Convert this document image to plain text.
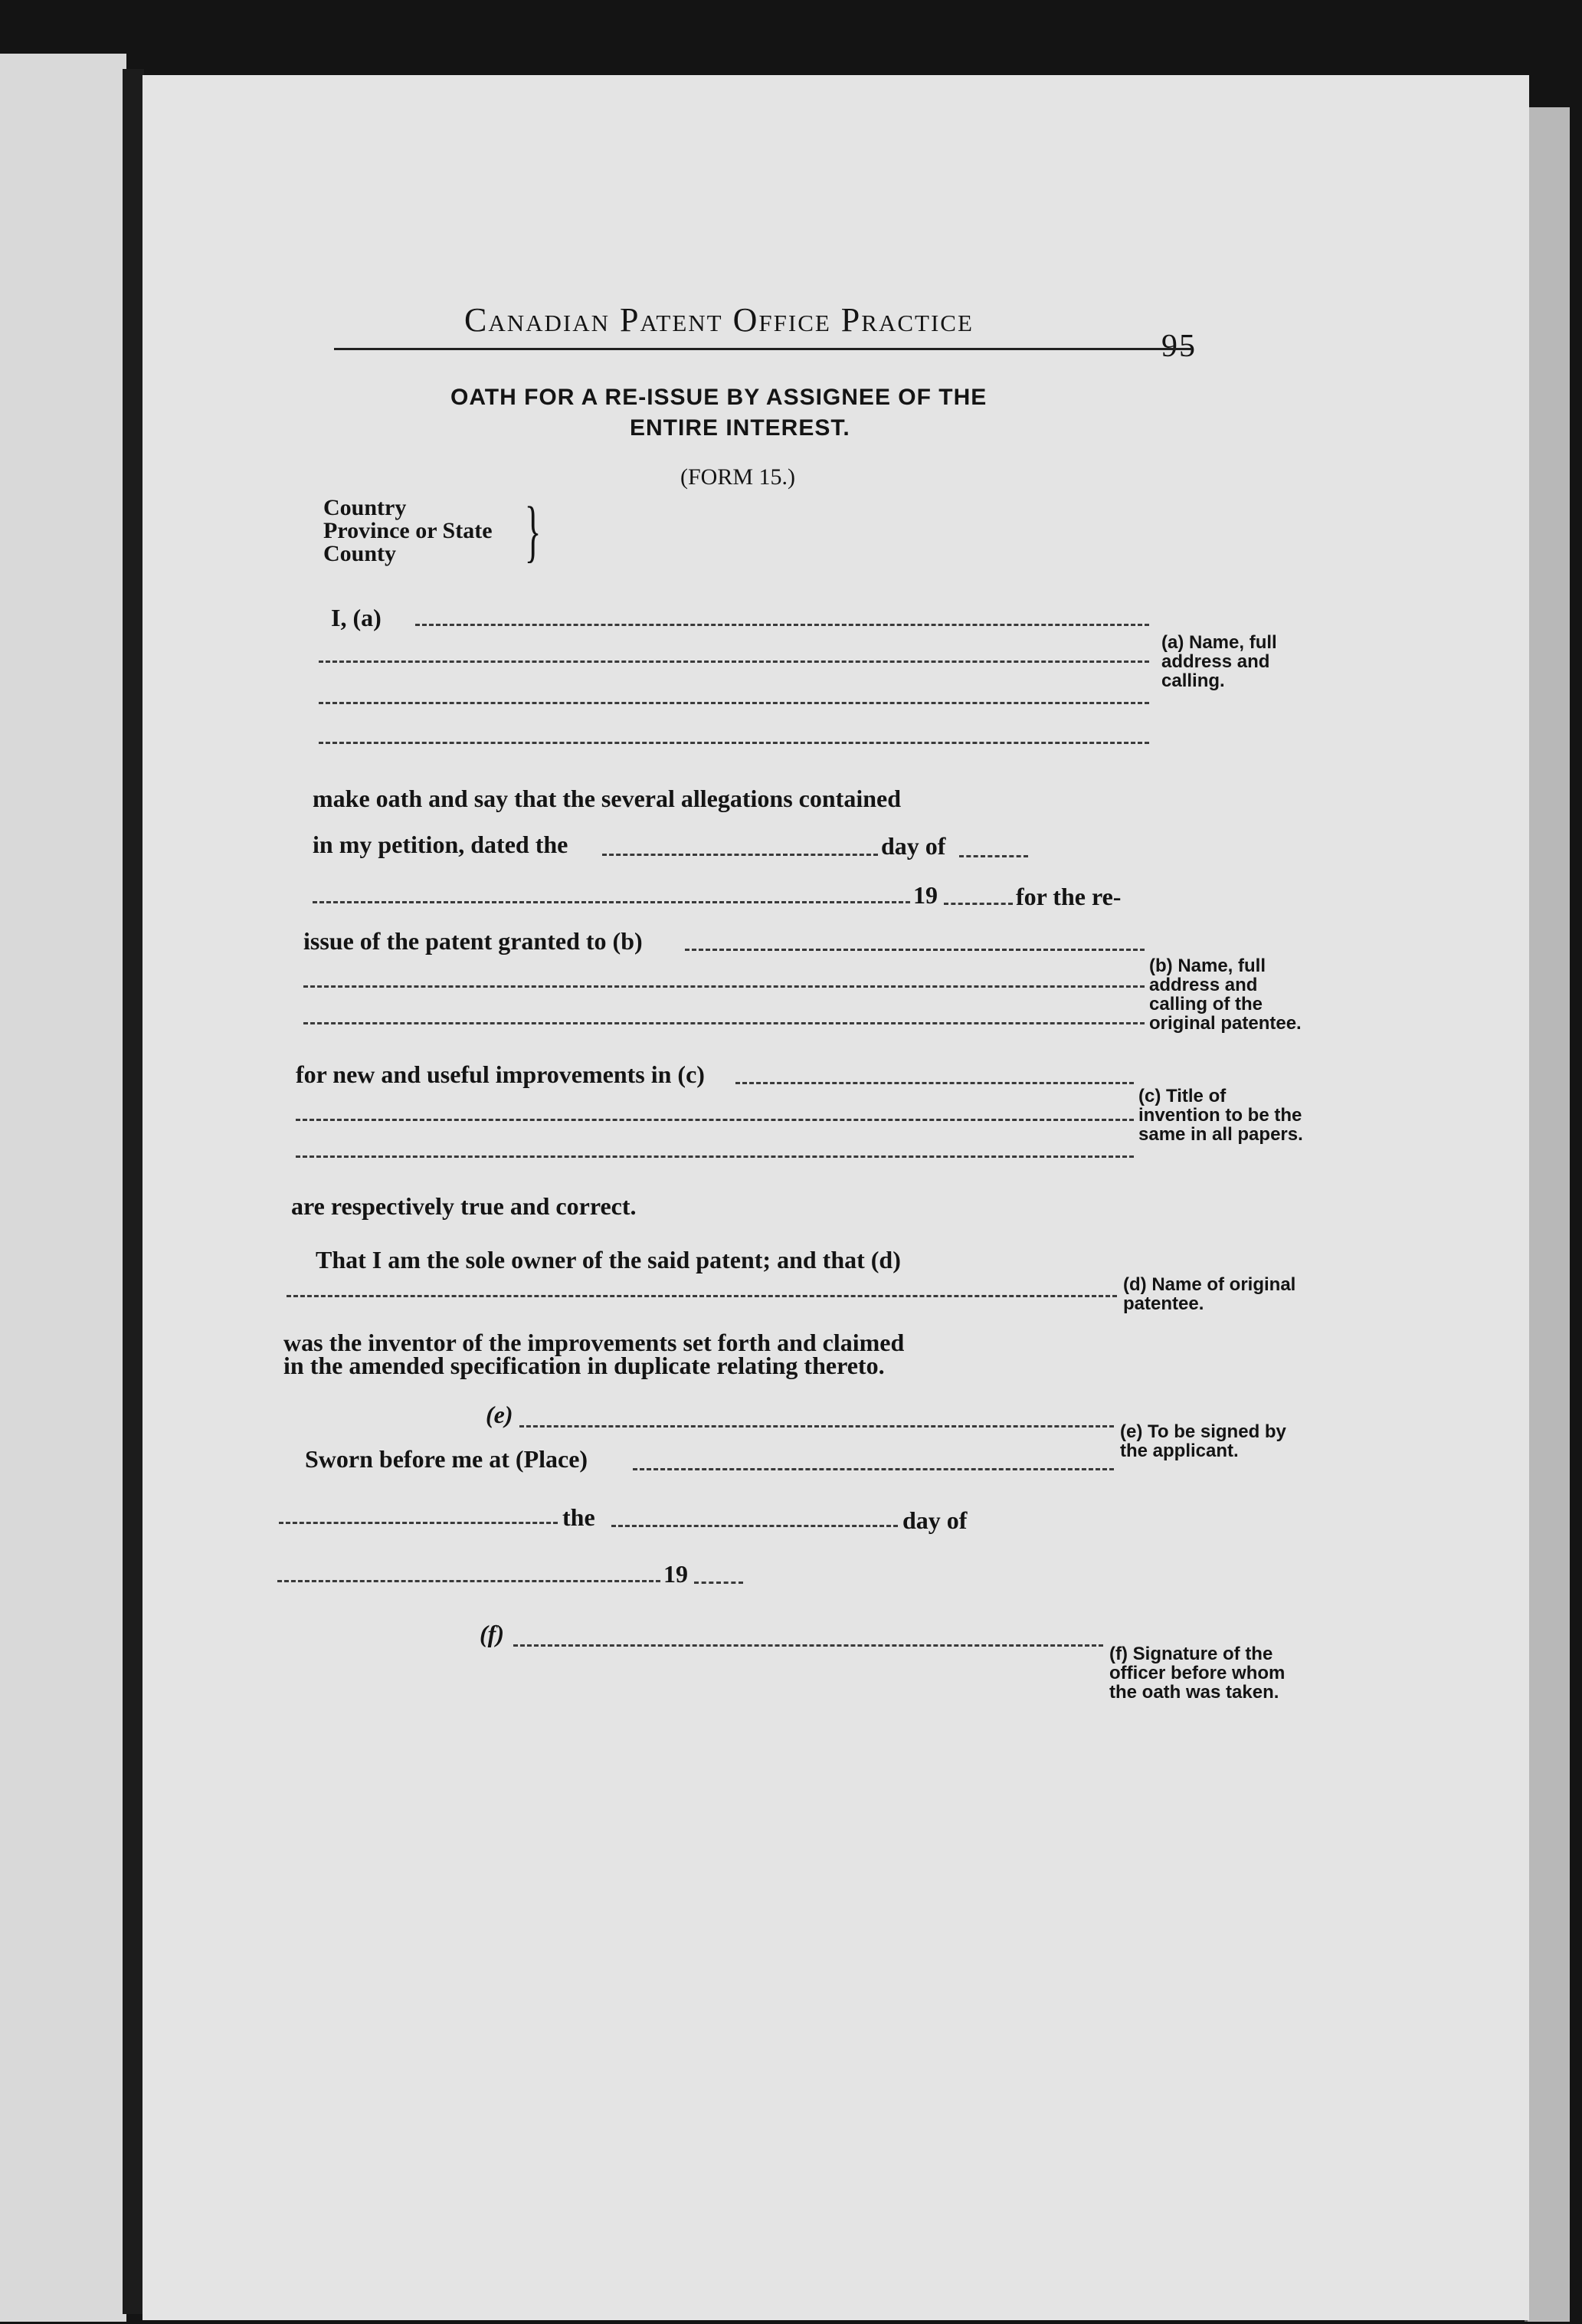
Canadian Patent Office Practice
95
OATH FOR A RE-ISSUE BY ASSIGNEE OF THE
ENTIRE INTEREST.
(FORM 15.)
Country
Province or State
County }
I, (a)
(a) Name, full address and calling.
make oath and say that the several allegations contained
in my petition, dated the	day of
19	for the re-
issue of the patent granted to (b)
(b) Name, full address and calling of the original patentee.
for new and useful improvements in (c)
(c) Title of invention to be the same in all papers.
are respectively true and correct.
That I am the sole owner of the said patent; and that (d)
(d) Name of original patentee.
was the inventor of the improvements set forth and claimed
in the amended specification in duplicate relating thereto.
(e)
(e) To be signed by the applicant.
Sworn before me at (Place)
the	day of
19
(f)
(f) Signature of the officer before whom the oath was taken.
